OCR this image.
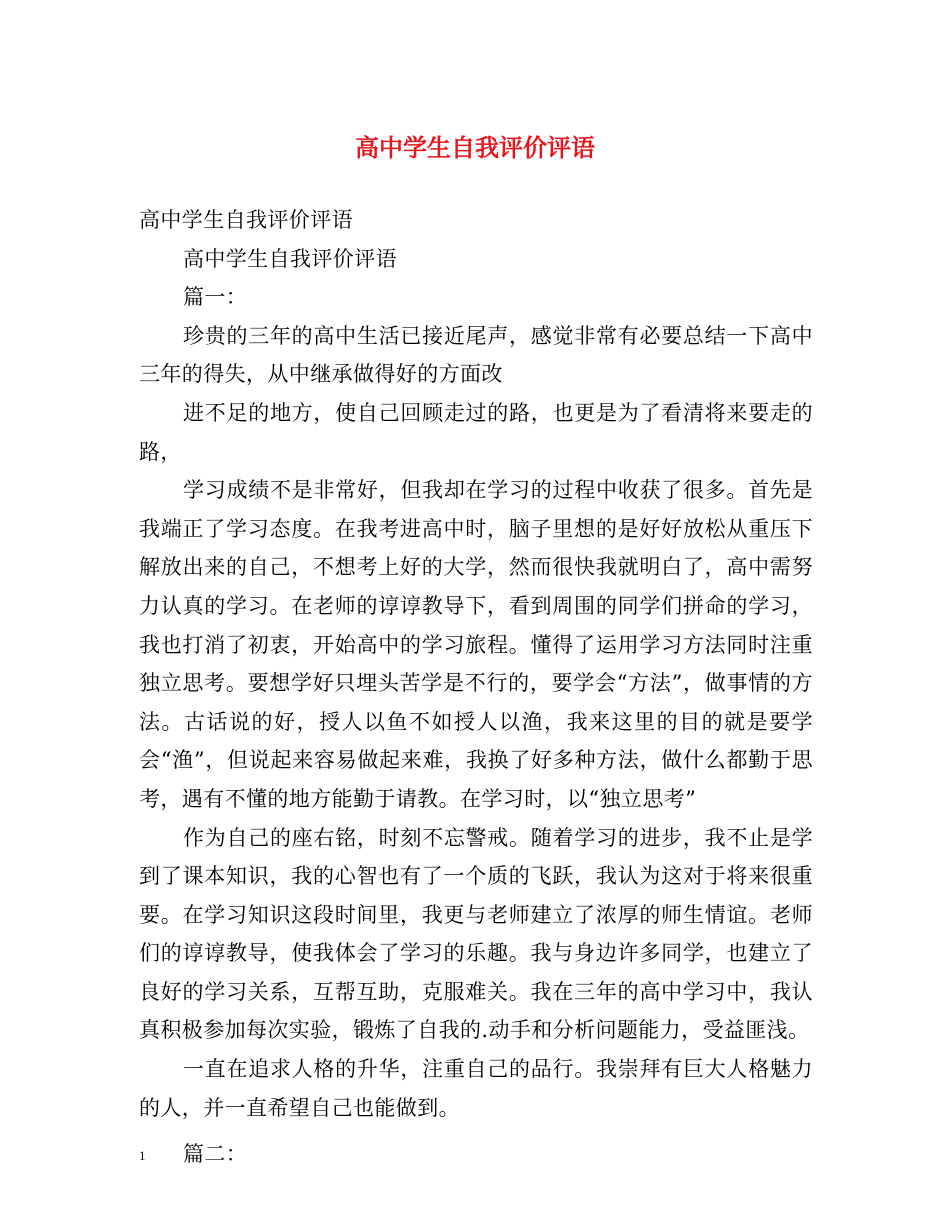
高中学生自我评价评语

高中学生自我评价评语

高中学生自我评价评语

篇一：

珍贵的三年的高中生活已接近尾声，感觉非常有必要总结一下高中三年的得失，从中继承做得好的方面改

进不足的地方，使自己回顾走过的路，也更是为了看清将来要走的路，

学习成绩不是非常好，但我却在学习的过程中收获了很多。首先是我端正了学习态度。在我考进高中时，脑子里想的是好好放松从重压下解放出来的自己，不想考上好的大学，然而很快我就明白了，高中需努力认真的学习。在老师的谆谆教导下，看到周围的同学们拼命的学习，我也打消了初衷，开始高中的学习旅程。懂得了运用学习方法同时注重独立思考。要想学好只埋头苦学是不行的，要学会“方法”，做事情的方法。古话说的好，授人以鱼不如授人以渔，我来这里的目的就是要学会“渔”，但说起来容易做起来难，我换了好多种方法，做什么都勤于思考，遇有不懂的地方能勤于请教。在学习时，以“独立思考”

作为自己的座右铭，时刻不忘警戒。随着学习的进步，我不止是学到了课本知识，我的心智也有了一个质的飞跃，我认为这对于将来很重要。在学习知识这段时间里，我更与老师建立了浓厚的师生情谊。老师们的谆谆教导，使我体会了学习的乐趣。我与身边许多同学，也建立了良好的学习关系，互帮互助，克服难关。我在三年的高中学习中，我认真积极参加每次实验，锻炼了自我的.动手和分析问题能力，受益匪浅。

一直在追求人格的升华，注重自己的品行。我崇拜有巨大人格魅力的人，并一直希望自己也能做到。

篇二：

1
